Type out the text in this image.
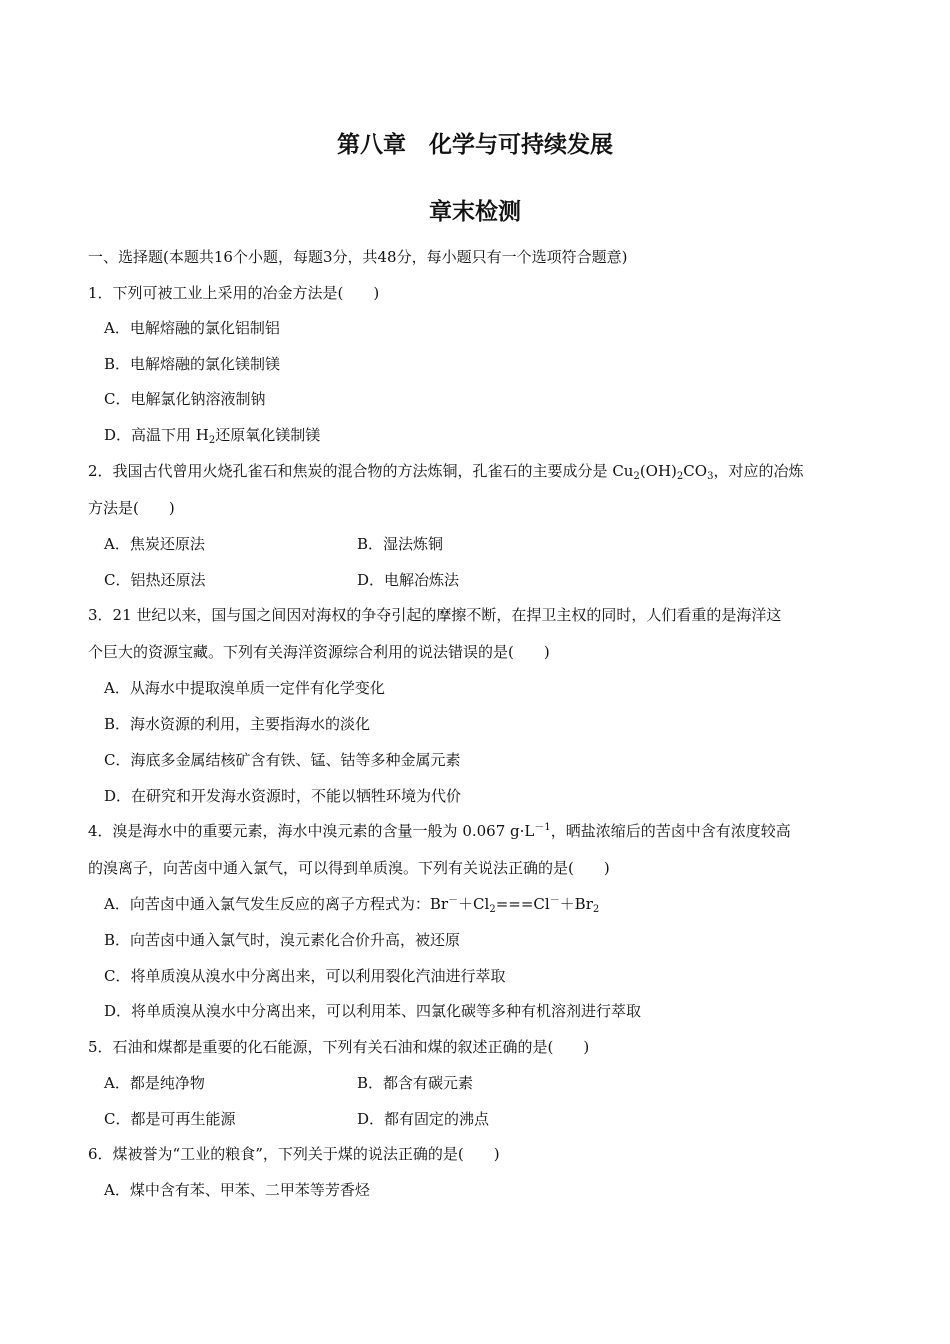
第八章　化学与可持续发展
章末检测
一、选择题(本题共16个小题，每题3分，共48分，每小题只有一个选项符合题意)
1．下列可被工业上采用的冶金方法是(　　)
A．电解熔融的氯化铝制铝
B．电解熔融的氯化镁制镁
C．电解氯化钠溶液制钠
D．高温下用 $H_2$还原氧化镁制镁
2．我国古代曾用火烧孔雀石和焦炭的混合物的方法炼铜，孔雀石的主要成分是 $Cu_2(OH)_2CO_3$，对应的冶炼
方法是(　　)
A．焦炭还原法	B．湿法炼铜
C．铝热还原法	D．电解冶炼法
3．21 世纪以来，国与国之间因对海权的争夺引起的摩擦不断，在捍卫主权的同时，人们看重的是海洋这
个巨大的资源宝藏。下列有关海洋资源综合利用的说法错误的是(　　)
A．从海水中提取溴单质一定伴有化学变化
B．海水资源的利用，主要指海水的淡化
C．海底多金属结核矿含有铁、锰、钴等多种金属元素
D．在研究和开发海水资源时，不能以牺牲环境为代价
4．溴是海水中的重要元素，海水中溴元素的含量一般为 0.067 $g\cdot L^{-1}$，晒盐浓缩后的苦卤中含有浓度较高
的溴离子，向苦卤中通入氯气，可以得到单质溴。下列有关说法正确的是(　　)
A．向苦卤中通入氯气发生反应的离子方程式为：$Br^-+Cl_2===Cl^-+Br_2$
B．向苦卤中通入氯气时，溴元素化合价升高，被还原
C．将单质溴从溴水中分离出来，可以利用裂化汽油进行萃取
D．将单质溴从溴水中分离出来，可以利用苯、四氯化碳等多种有机溶剂进行萃取
5．石油和煤都是重要的化石能源，下列有关石油和煤的叙述正确的是(　　)
A．都是纯净物	B．都含有碳元素
C．都是可再生能源	D．都有固定的沸点
6．煤被誉为“工业的粮食”，下列关于煤的说法正确的是(　　)
A．煤中含有苯、甲苯、二甲苯等芳香烃
